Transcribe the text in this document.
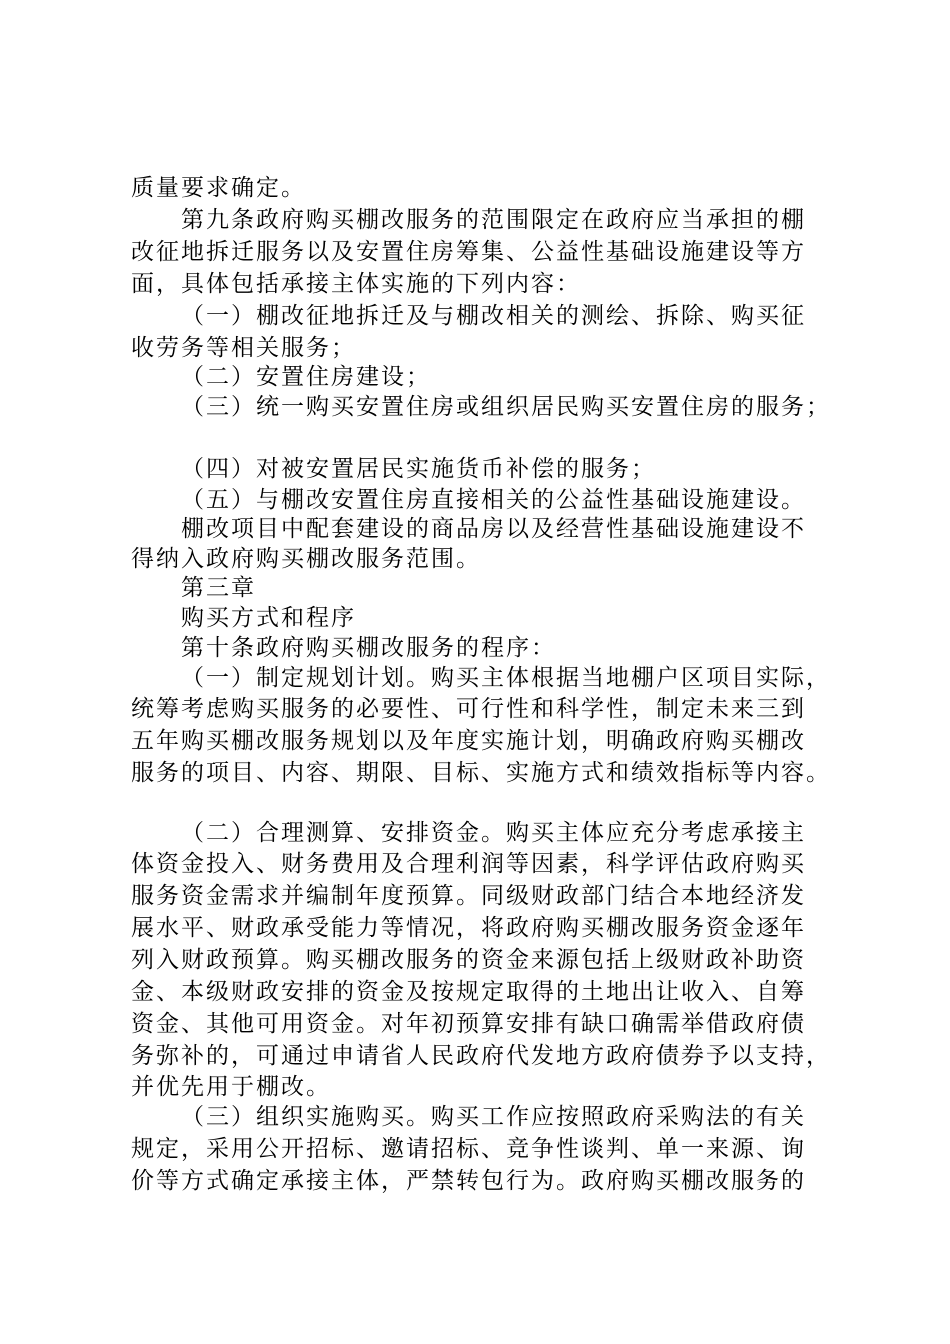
质量要求确定。
第九条政府购买棚改服务的范围限定在政府应当承担的棚
改征地拆迁服务以及安置住房筹集、公益性基础设施建设等方
面，具体包括承接主体实施的下列内容：
（一）棚改征地拆迁及与棚改相关的测绘、拆除、购买征
收劳务等相关服务；
（二）安置住房建设；
（三）统一购买安置住房或组织居民购买安置住房的服务；
（四）对被安置居民实施货币补偿的服务；
（五）与棚改安置住房直接相关的公益性基础设施建设。
棚改项目中配套建设的商品房以及经营性基础设施建设不
得纳入政府购买棚改服务范围。
第三章
购买方式和程序
第十条政府购买棚改服务的程序：
（一）制定规划计划。购买主体根据当地棚户区项目实际，
统筹考虑购买服务的必要性、可行性和科学性，制定未来三到
五年购买棚改服务规划以及年度实施计划，明确政府购买棚改
服务的项目、内容、期限、目标、实施方式和绩效指标等内容。
（二）合理测算、安排资金。购买主体应充分考虑承接主
体资金投入、财务费用及合理利润等因素，科学评估政府购买
服务资金需求并编制年度预算。同级财政部门结合本地经济发
展水平、财政承受能力等情况，将政府购买棚改服务资金逐年
列入财政预算。购买棚改服务的资金来源包括上级财政补助资
金、本级财政安排的资金及按规定取得的土地出让收入、自筹
资金、其他可用资金。对年初预算安排有缺口确需举借政府债
务弥补的，可通过申请省人民政府代发地方政府债券予以支持，
并优先用于棚改。
（三）组织实施购买。购买工作应按照政府采购法的有关
规定，采用公开招标、邀请招标、竞争性谈判、单一来源、询
价等方式确定承接主体，严禁转包行为。政府购买棚改服务的
